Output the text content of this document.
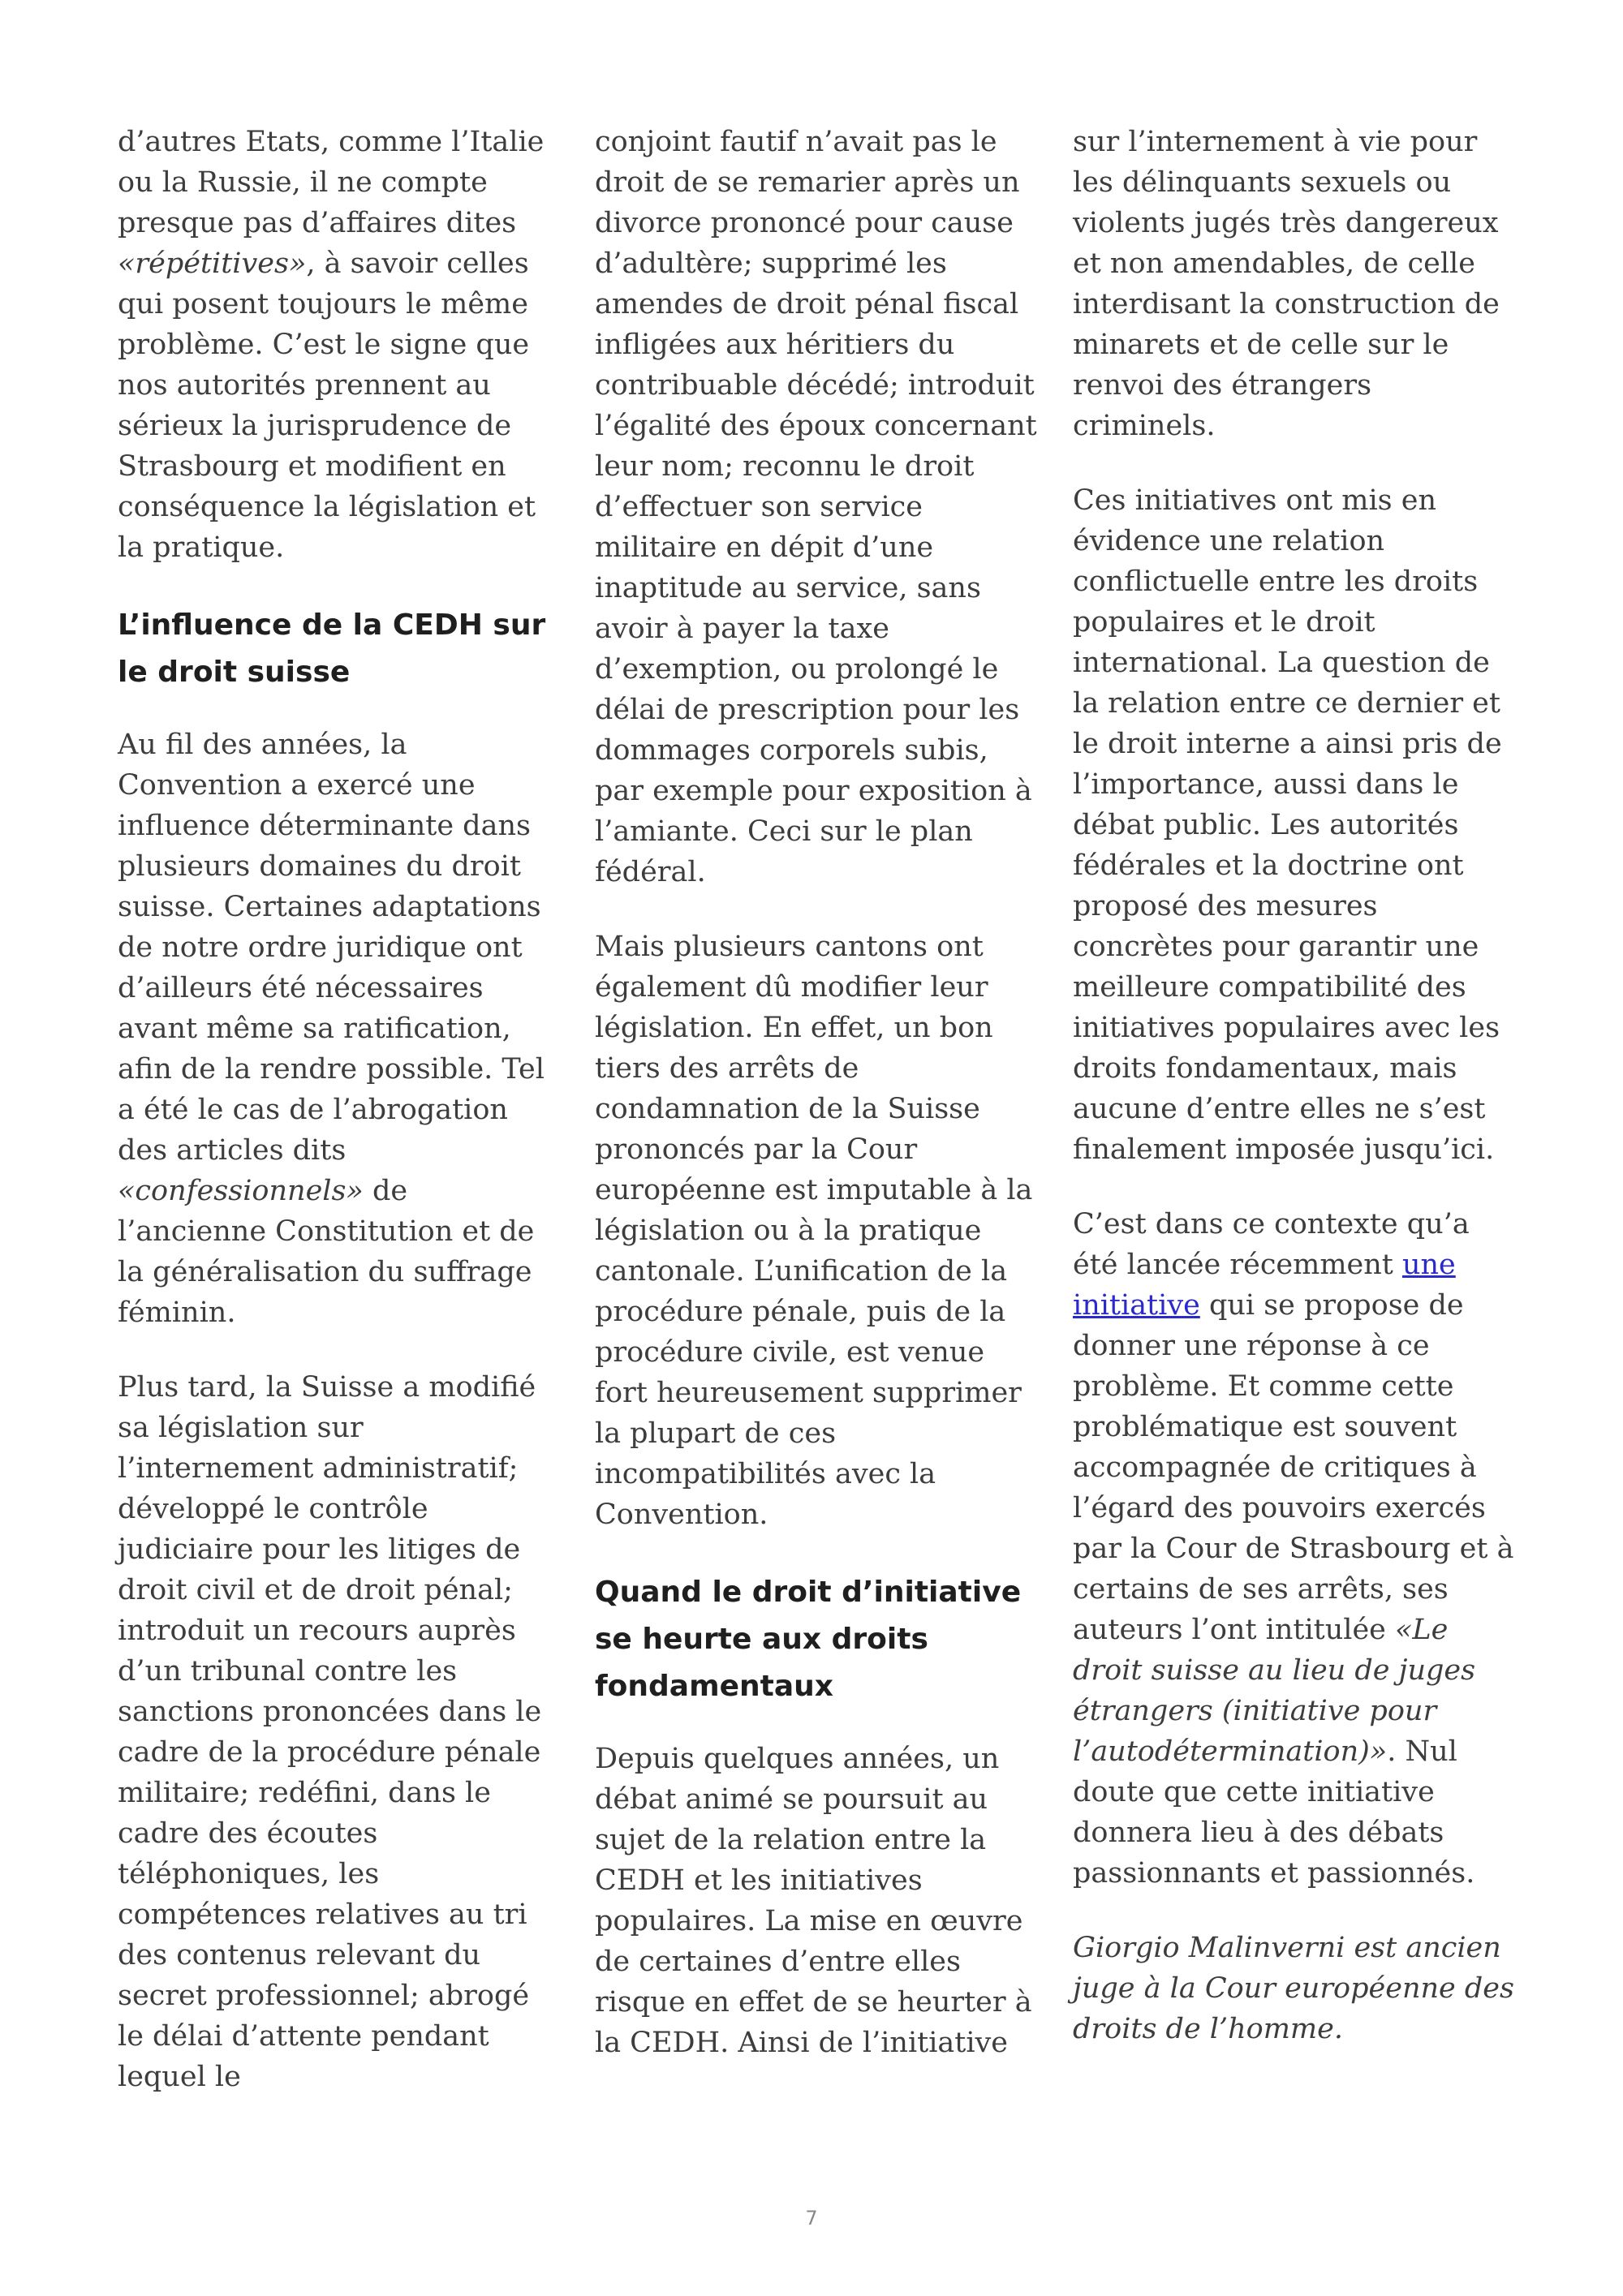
d’autres Etats, comme l’Italie ou la Russie, il ne compte presque pas d’affaires dites «répétitives», à savoir celles qui posent toujours le même problème. C’est le signe que nos autorités prennent au sérieux la jurisprudence de Strasbourg et modifient en conséquence la législation et la pratique.

L’influence de la CEDH sur le droit suisse

Au fil des années, la Convention a exercé une influence déterminante dans plusieurs domaines du droit suisse. Certaines adaptations de notre ordre juridique ont d’ailleurs été nécessaires avant même sa ratification, afin de la rendre possible. Tel a été le cas de l’abrogation des articles dits «confessionnels» de l’ancienne Constitution et de la généralisation du suffrage féminin.

Plus tard, la Suisse a modifié sa législation sur l’internement administratif; développé le contrôle judiciaire pour les litiges de droit civil et de droit pénal; introduit un recours auprès d’un tribunal contre les sanctions prononcées dans le cadre de la procédure pénale militaire; redéfini, dans le cadre des écoutes téléphoniques, les compétences relatives au tri des contenus relevant du secret professionnel; abrogé le délai d’attente pendant lequel le

conjoint fautif n’avait pas le droit de se remarier après un divorce prononcé pour cause d’adultère; supprimé les amendes de droit pénal fiscal infligées aux héritiers du contribuable décédé; introduit l’égalité des époux concernant leur nom; reconnu le droit d’effectuer son service militaire en dépit d’une inaptitude au service, sans avoir à payer la taxe d’exemption, ou prolongé le délai de prescription pour les dommages corporels subis, par exemple pour exposition à l’amiante. Ceci sur le plan fédéral.

Mais plusieurs cantons ont également dû modifier leur législation. En effet, un bon tiers des arrêts de condamnation de la Suisse prononcés par la Cour européenne est imputable à la législation ou à la pratique cantonale. L’unification de la procédure pénale, puis de la procédure civile, est venue fort heureusement supprimer la plupart de ces incompatibilités avec la Convention.

Quand le droit d’initiative se heurte aux droits fondamentaux

Depuis quelques années, un débat animé se poursuit au sujet de la relation entre la CEDH et les initiatives populaires. La mise en œuvre de certaines d’entre elles risque en effet de se heurter à la CEDH. Ainsi de l’initiative

sur l’internement à vie pour les délinquants sexuels ou violents jugés très dangereux et non amendables, de celle interdisant la construction de minarets et de celle sur le renvoi des étrangers criminels.

Ces initiatives ont mis en évidence une relation conflictuelle entre les droits populaires et le droit international. La question de la relation entre ce dernier et le droit interne a ainsi pris de l’importance, aussi dans le débat public. Les autorités fédérales et la doctrine ont proposé des mesures concrètes pour garantir une meilleure compatibilité des initiatives populaires avec les droits fondamentaux, mais aucune d’entre elles ne s’est finalement imposée jusqu’ici.

C’est dans ce contexte qu’a été lancée récemment une initiative qui se propose de donner une réponse à ce problème. Et comme cette problématique est souvent accompagnée de critiques à l’égard des pouvoirs exercés par la Cour de Strasbourg et à certains de ses arrêts, ses auteurs l’ont intitulée «Le droit suisse au lieu de juges étrangers (initiative pour l’autodétermination)». Nul doute que cette initiative donnera lieu à des débats passionnants et passionnés.

Giorgio Malinverni est ancien juge à la Cour européenne des droits de l’homme.

7
